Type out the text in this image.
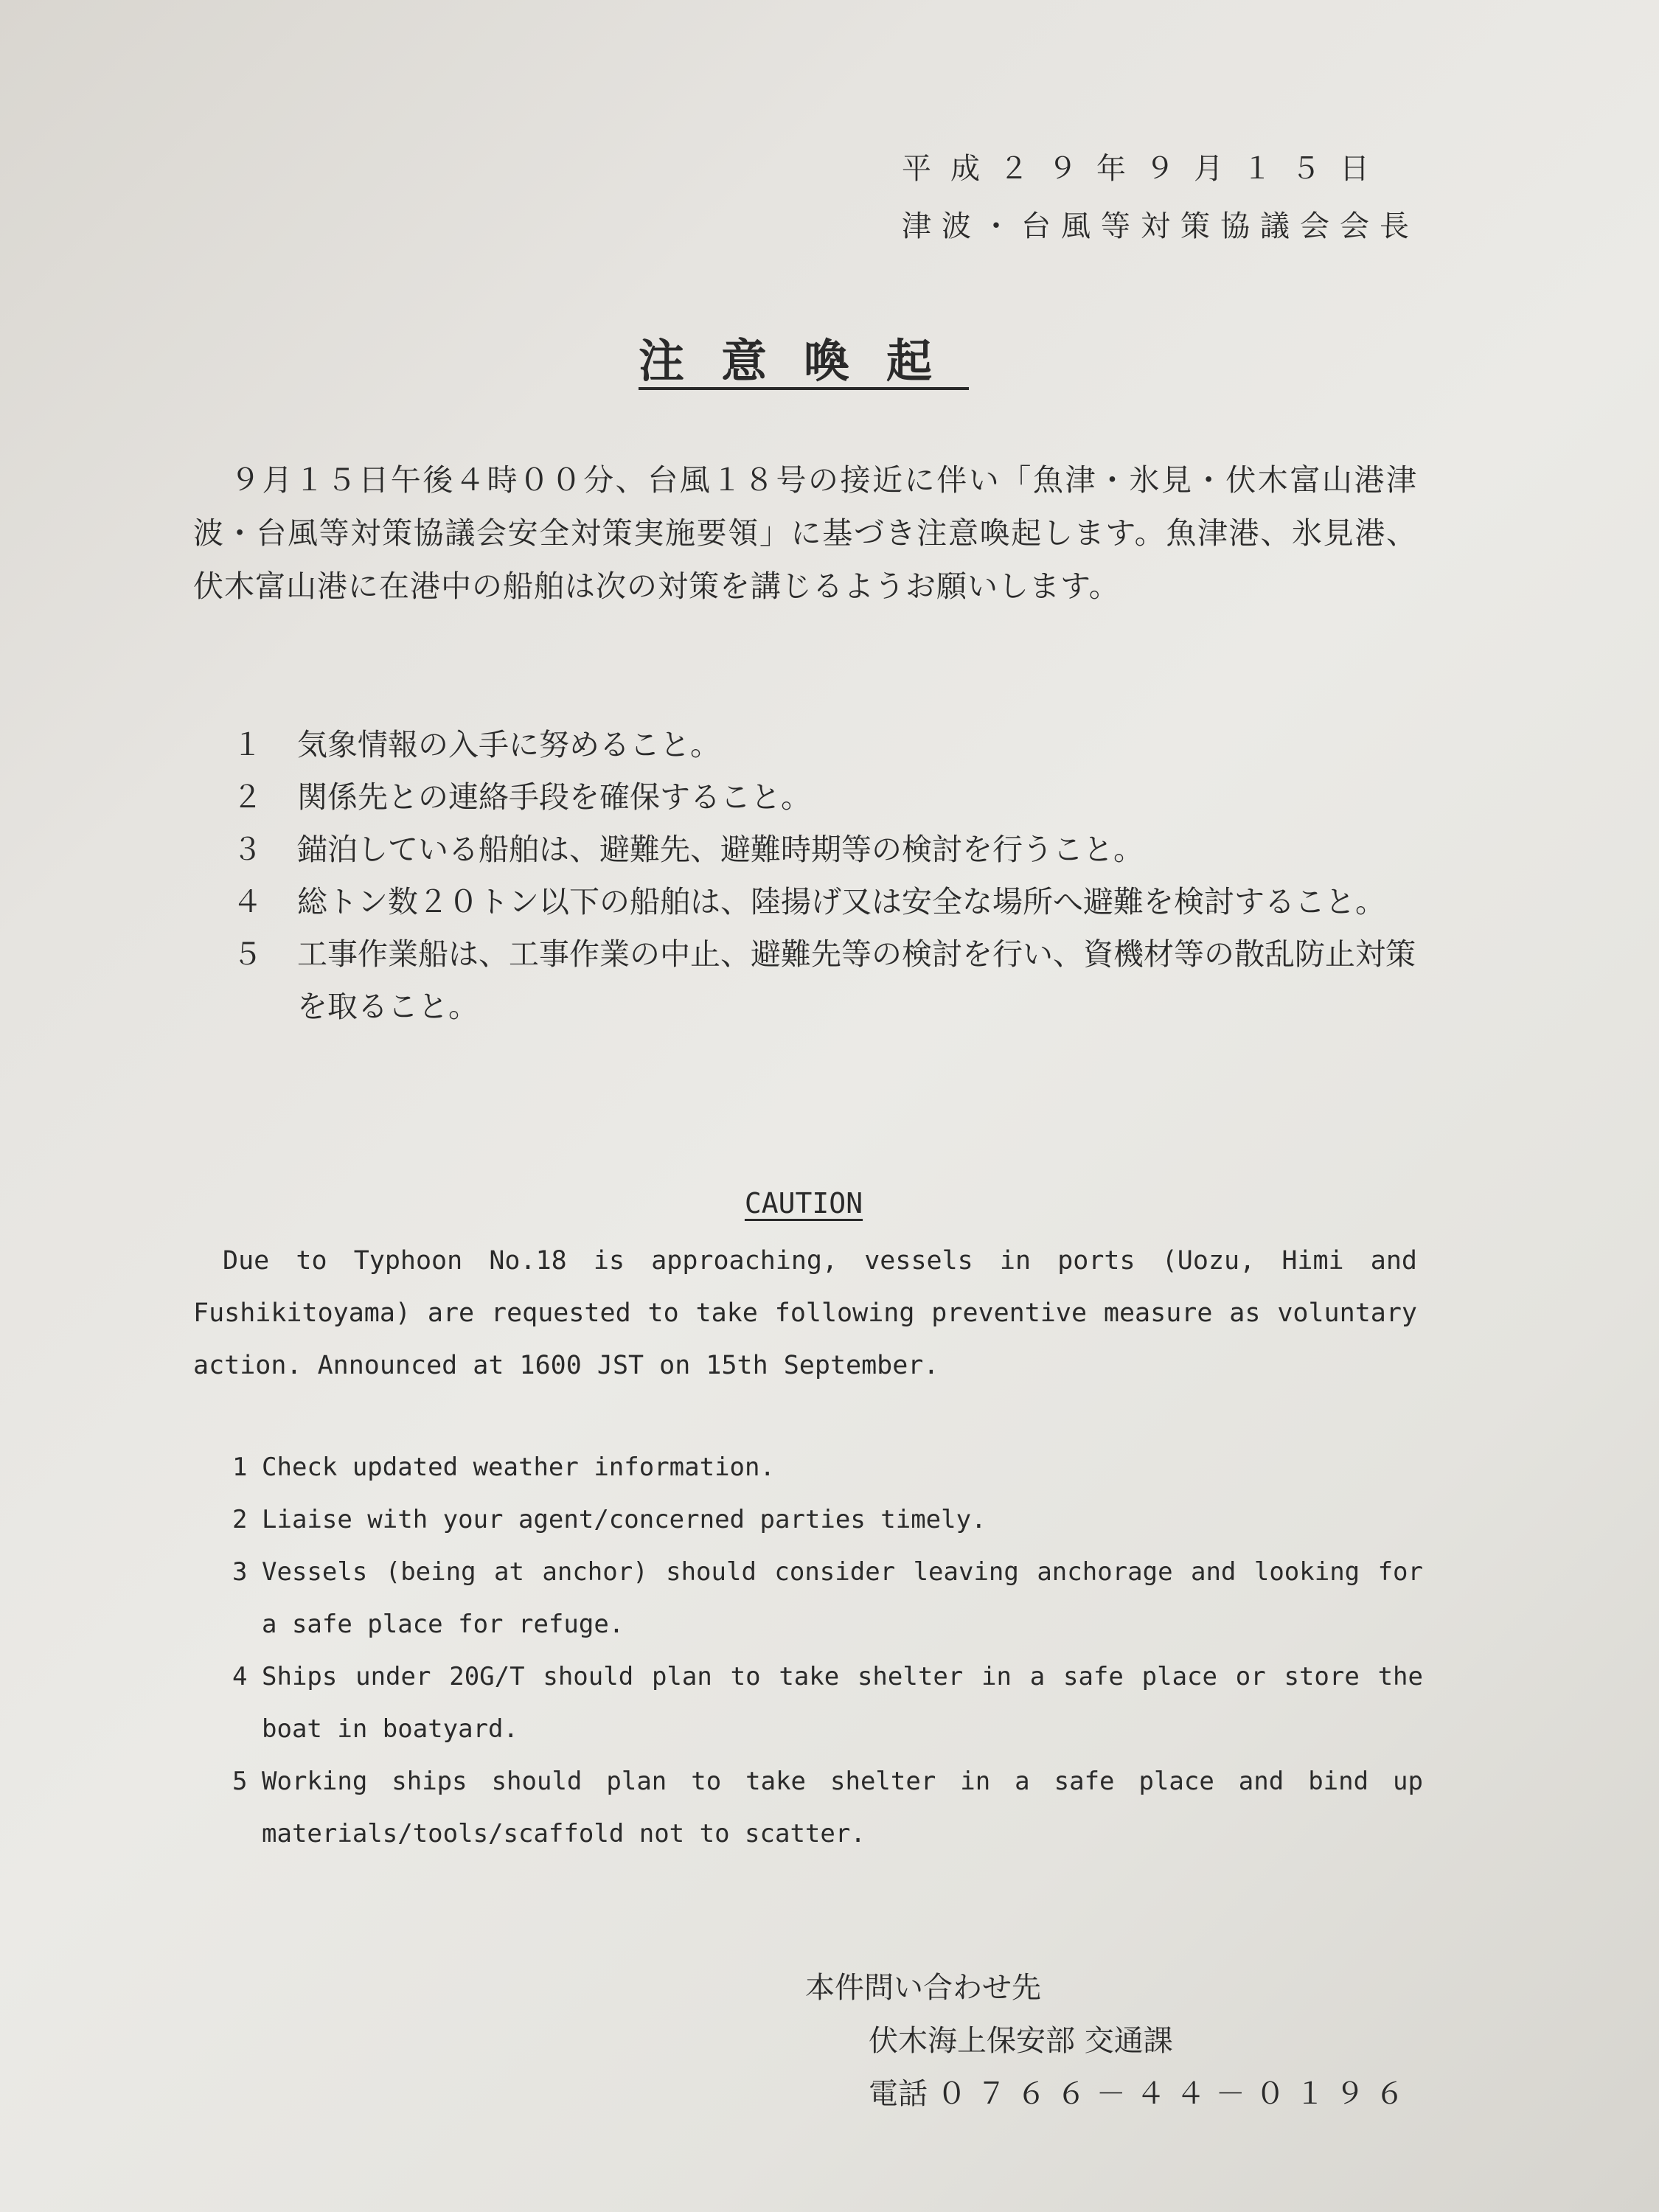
平成２９年９月１５日
津波・台風等対策協議会会長
注意喚起
９月１５日午後４時００分、台風１８号の接近に伴い「魚津・氷見・伏木富山港津波・台風等対策協議会安全対策実施要領」に基づき注意喚起します。魚津港、氷見港、伏木富山港に在港中の船舶は次の対策を講じるようお願いします。
１	気象情報の入手に努めること。
２	関係先との連絡手段を確保すること。
３	錨泊している船舶は、避難先、避難時期等の検討を行うこと。
４	総トン数２０トン以下の船舶は、陸揚げ又は安全な場所へ避難を検討すること。
５	工事作業船は、工事作業の中止、避難先等の検討を行い、資機材等の散乱防止対策を取ること。
CAUTION
Due to Typhoon No.18 is approaching, vessels in ports (Uozu, Himi and Fushikitoyama) are requested to take following preventive measure as voluntary action. Announced at 1600 JST on 15th September.
1 Check updated weather information.
2 Liaise with your agent/concerned parties timely.
3 Vessels (being at anchor) should consider leaving anchorage and looking for a safe place for refuge.
4 Ships under 20G/T should plan to take shelter in a safe place or store the boat in boatyard.
5 Working ships should plan to take shelter in a safe place and bind up materials/tools/scaffold not to scatter.
本件問い合わせ先
伏木海上保安部 交通課
電話 ０７６６－４４－０１９６
